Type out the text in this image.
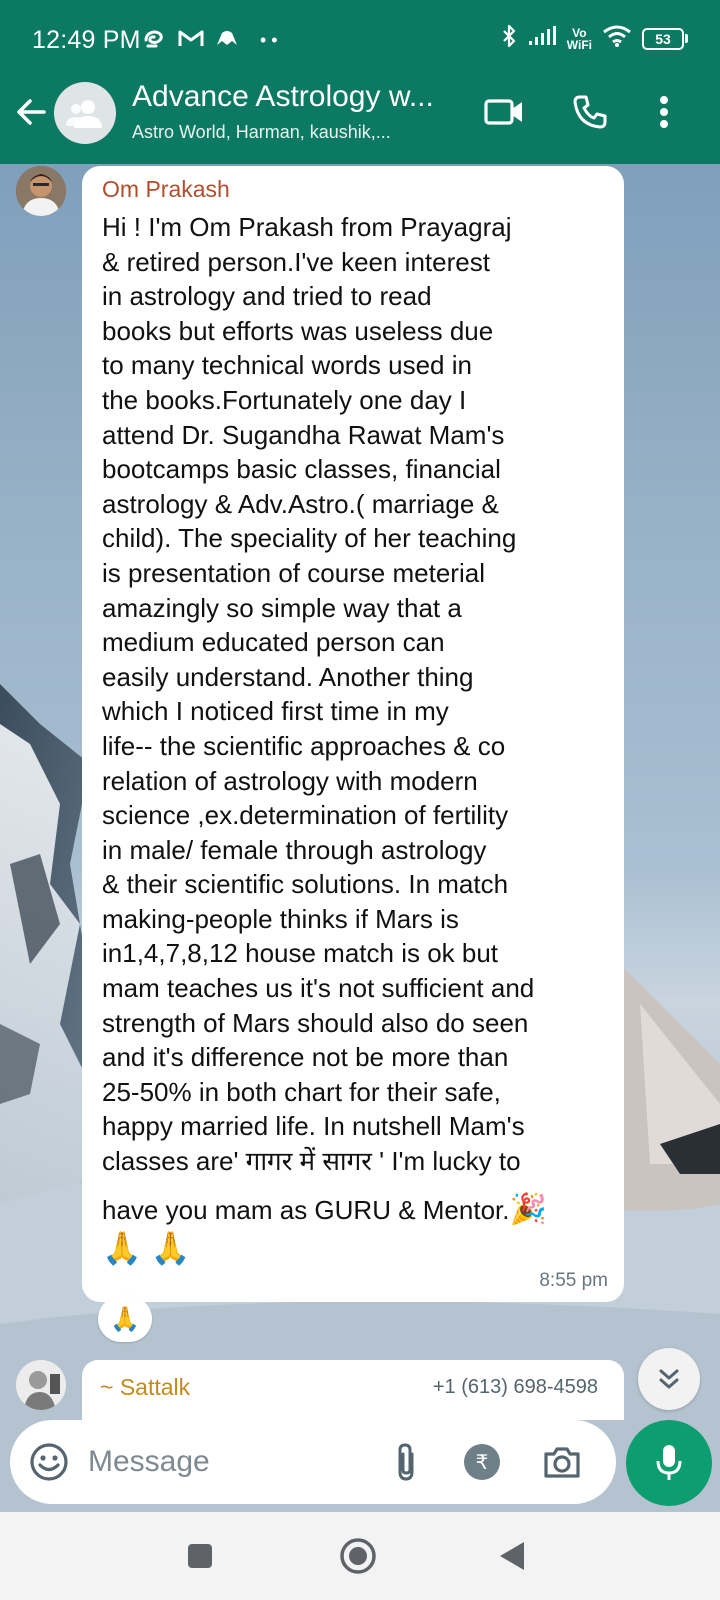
12:49 PM	• •	Vo
WiFi	53
Advance Astrology w...
Astro World, Harman, kaushik,...
Om Prakash
Hi ! I'm Om Prakash from Prayagraj
& retired person.I've keen interest
in astrology and tried to read
books but efforts was useless due
to many technical words used in
the books.Fortunately one day I
attend Dr. Sugandha Rawat Mam's
bootcamps basic classes, financial
astrology & Adv.Astro.( marriage &
child). The speciality of her teaching
is presentation of course meterial
amazingly so simple way that a
medium educated person can
easily understand. Another thing
which I noticed first time in my
life-- the scientific approaches & co
relation of astrology with modern
science ,ex.determination of fertility
in male/ female through astrology
& their scientific solutions. In match
making-people thinks if Mars is
in1,4,7,8,12 house match is ok but
mam teaches us it's not sufficient and
strength of Mars should also do seen
and it's difference not be more than
25-50% in both chart for their safe,
happy married life. In nutshell Mam's
classes are' गागर में सागर ' I'm lucky to
have you mam as GURU & Mentor.🎉
🙏 🙏
8:55 pm
🙏
~ Sattalk	+1 (613) 698-4598
Message
₹
